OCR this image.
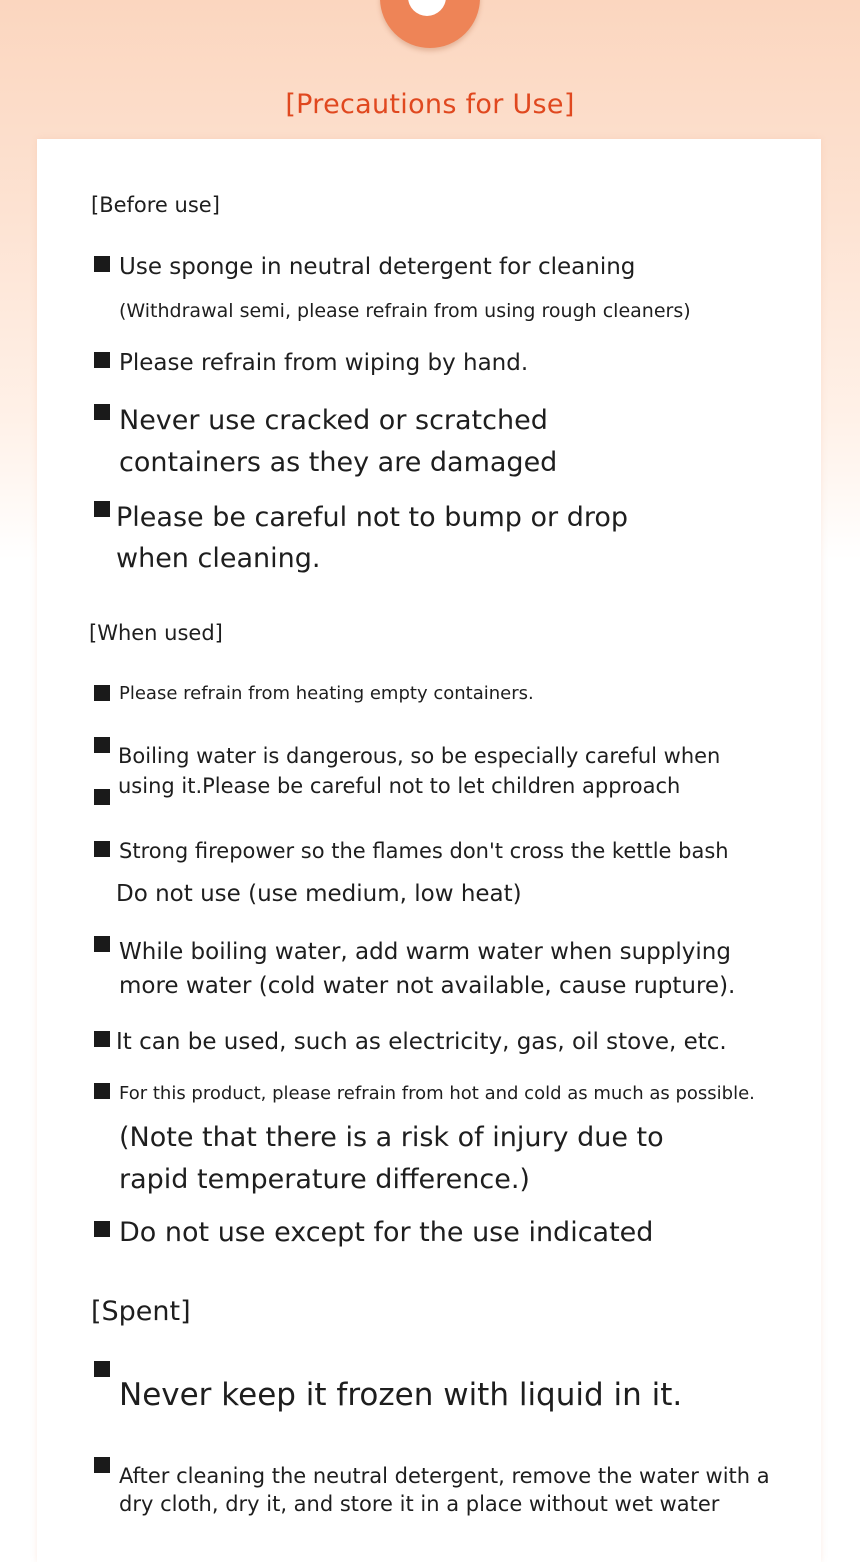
[Precautions for Use]
[Before use]
Use sponge in neutral detergent for cleaning
(Withdrawal semi, please refrain from using rough cleaners)
Please refrain from wiping by hand.
Never use cracked or scratched
containers as they are damaged
Please be careful not to bump or drop
when cleaning.
[When used]
Please refrain from heating empty containers.
Boiling water is dangerous, so be especially careful when
using it.Please be careful not to let children approach
Strong firepower so the flames don't cross the kettle bash
Do not use (use medium, low heat)
While boiling water, add warm water when supplying
more water (cold water not available, cause rupture).
It can be used, such as electricity, gas, oil stove, etc.
For this product, please refrain from hot and cold as much as possible.
(Note that there is a risk of injury due to
rapid temperature difference.)
Do not use except for the use indicated
[Spent]
Never keep it frozen with liquid in it.
After cleaning the neutral detergent, remove the water with a
dry cloth, dry it, and store it in a place without wet water
